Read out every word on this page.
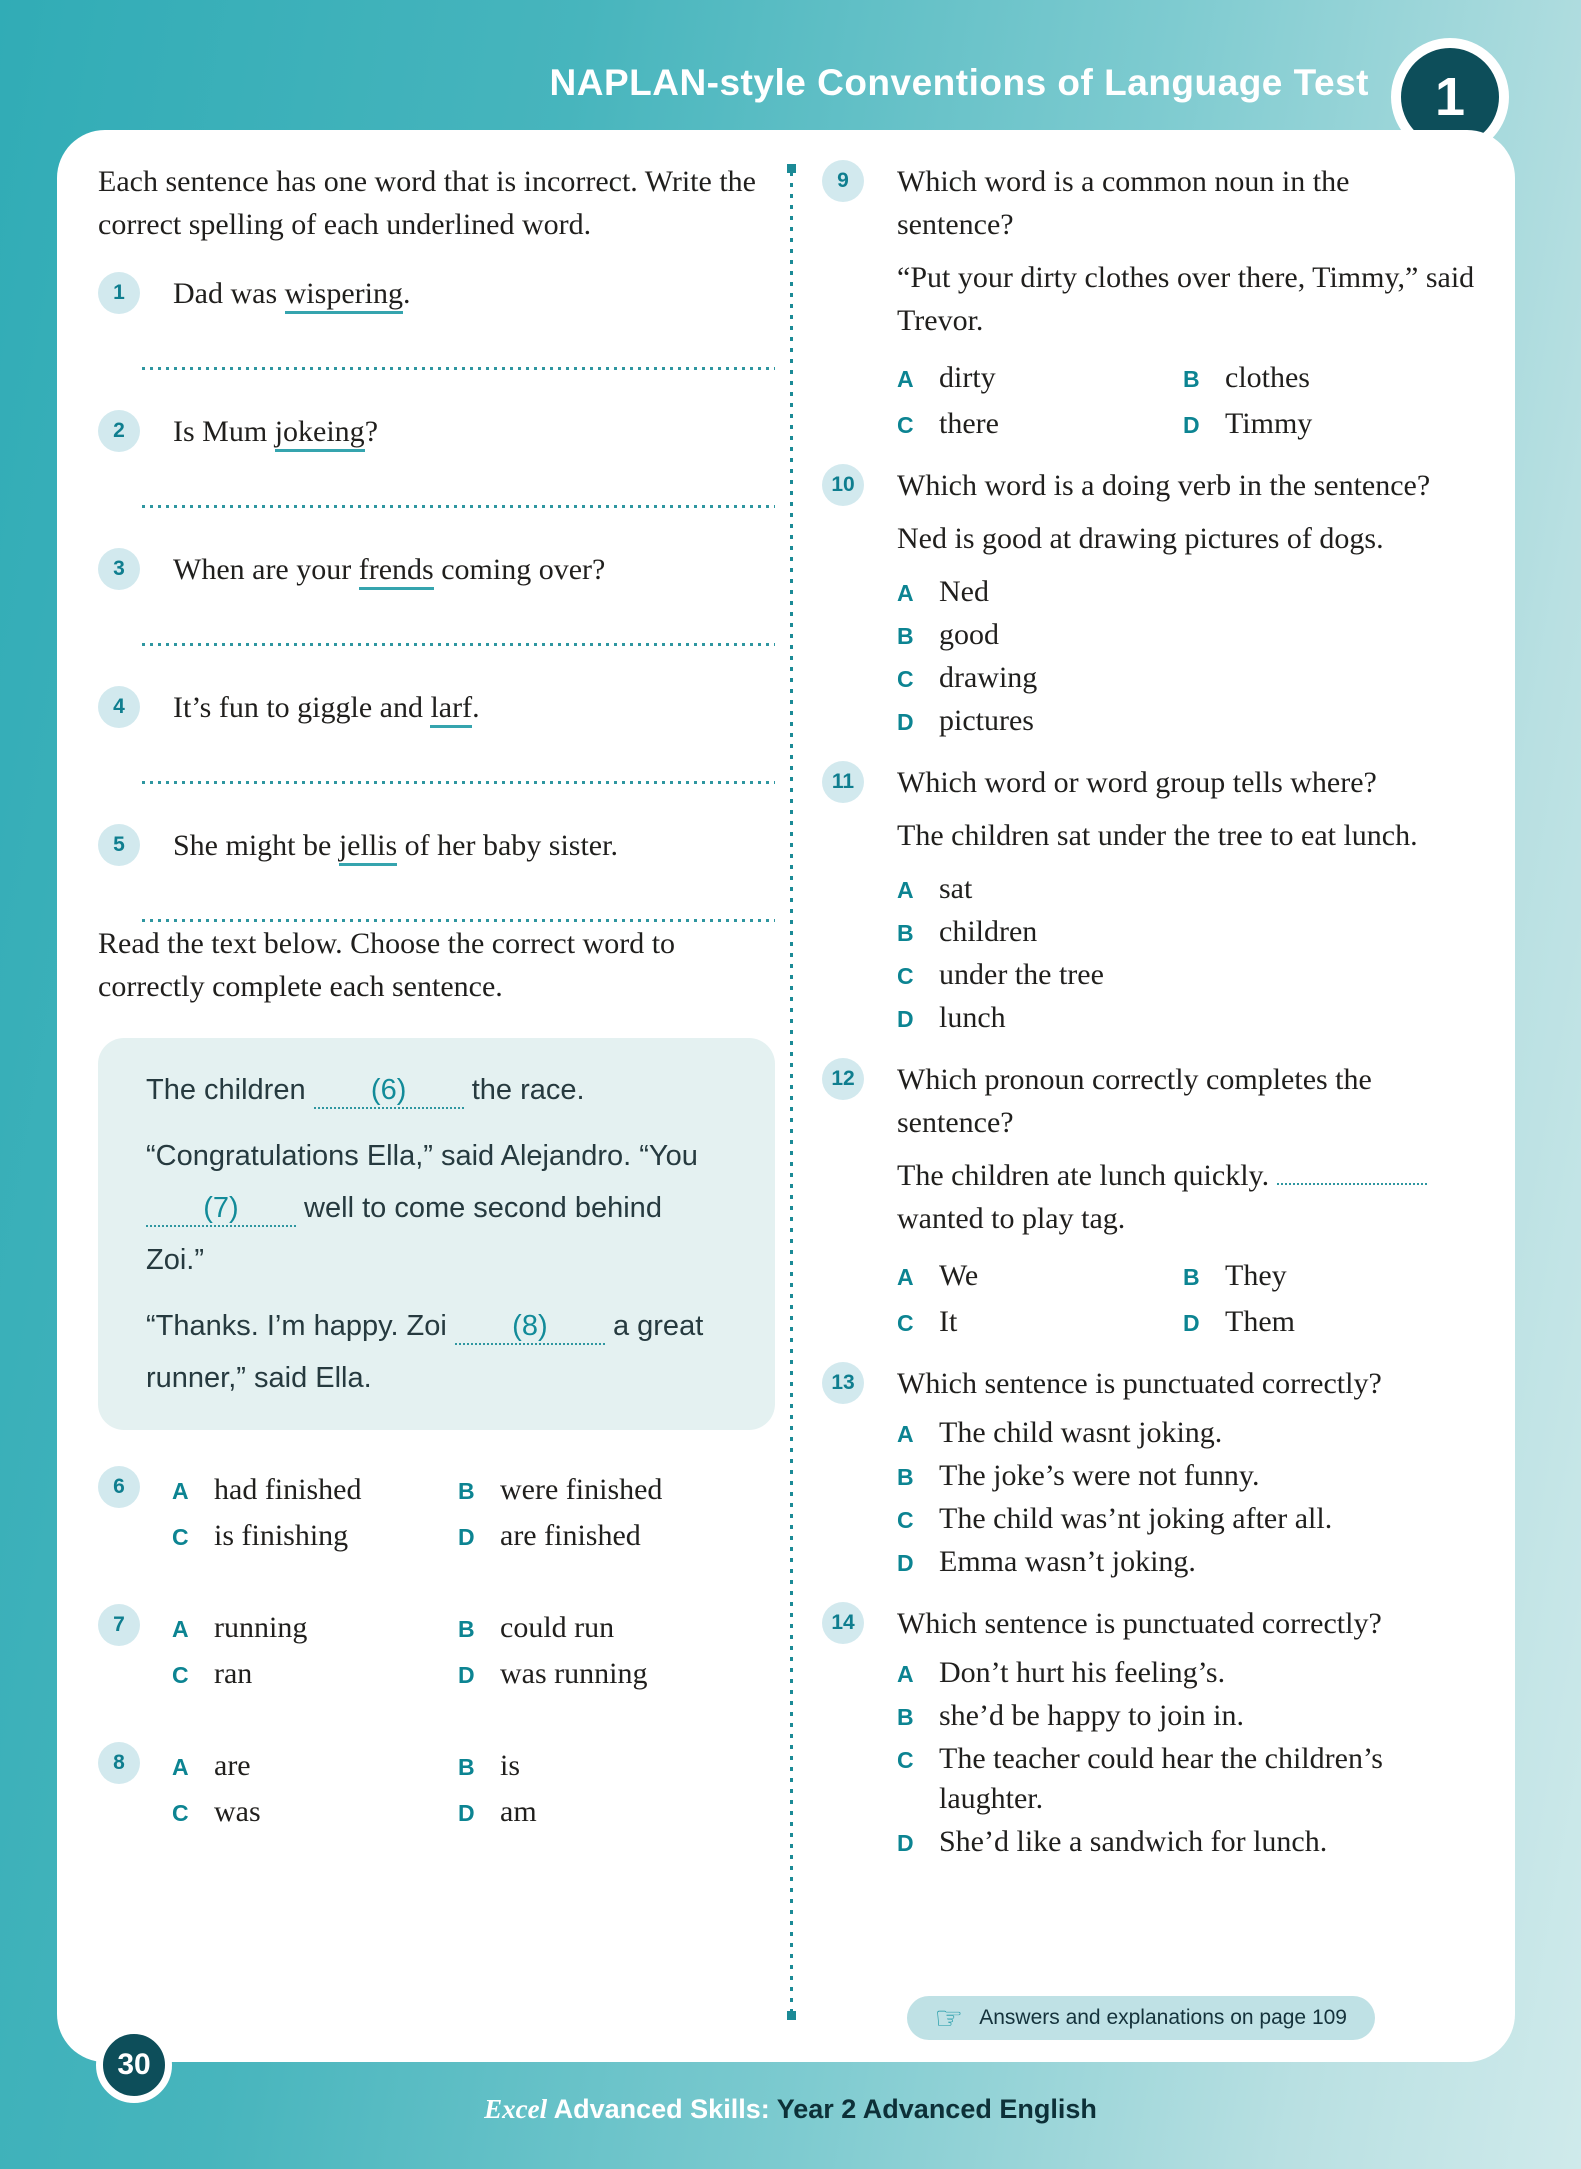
NAPLAN-style Conventions of Language Test	1

Each sentence has one word that is incorrect. Write the correct spelling of each underlined word.

1	Dad was wispering.

2	Is Mum jokeing?

3	When are your frends coming over?

4	It’s fun to giggle and larf.

5	She might be jellis of her baby sister.

Read the text below. Choose the correct word to correctly complete each sentence.

The children (6) the race.

“Congratulations Ella,” said Alejandro. “You (7) well to come second behind Zoi.”

“Thanks. I’m happy. Zoi (8) a great runner,” said Ella.

6	A had finished	B were finished
C is finishing	D are finished
7	A running	B could run
C ran	D was running
8	A are	B is
C was	D am
9	Which word is a common noun in the sentence?

“Put your dirty clothes over there, Timmy,” said Trevor.

A dirty	B clothes
C there	D Timmy
10	Which word is a doing verb in the sentence?

Ned is good at drawing pictures of dogs.

A Ned
B good
C drawing
D pictures
11	Which word or word group tells where?

The children sat under the tree to eat lunch.

A sat
B children
C under the tree
D lunch
12	Which pronoun correctly completes the sentence?

The children ate lunch quickly.  wanted to play tag.

A We	B They
C It	D Them
13	Which sentence is punctuated correctly?

A The child wasnt joking.
B The joke’s were not funny.
C The child was’nt joking after all.
D Emma wasn’t joking.
14	Which sentence is punctuated correctly?

A Don’t hurt his feeling’s.
B she’d be happy to join in.
C The teacher could hear the children’s laughter.
D She’d like a sandwich for lunch.
☞ Answers and explanations on page 109
30

Excel Advanced Skills: Year 2 Advanced English
